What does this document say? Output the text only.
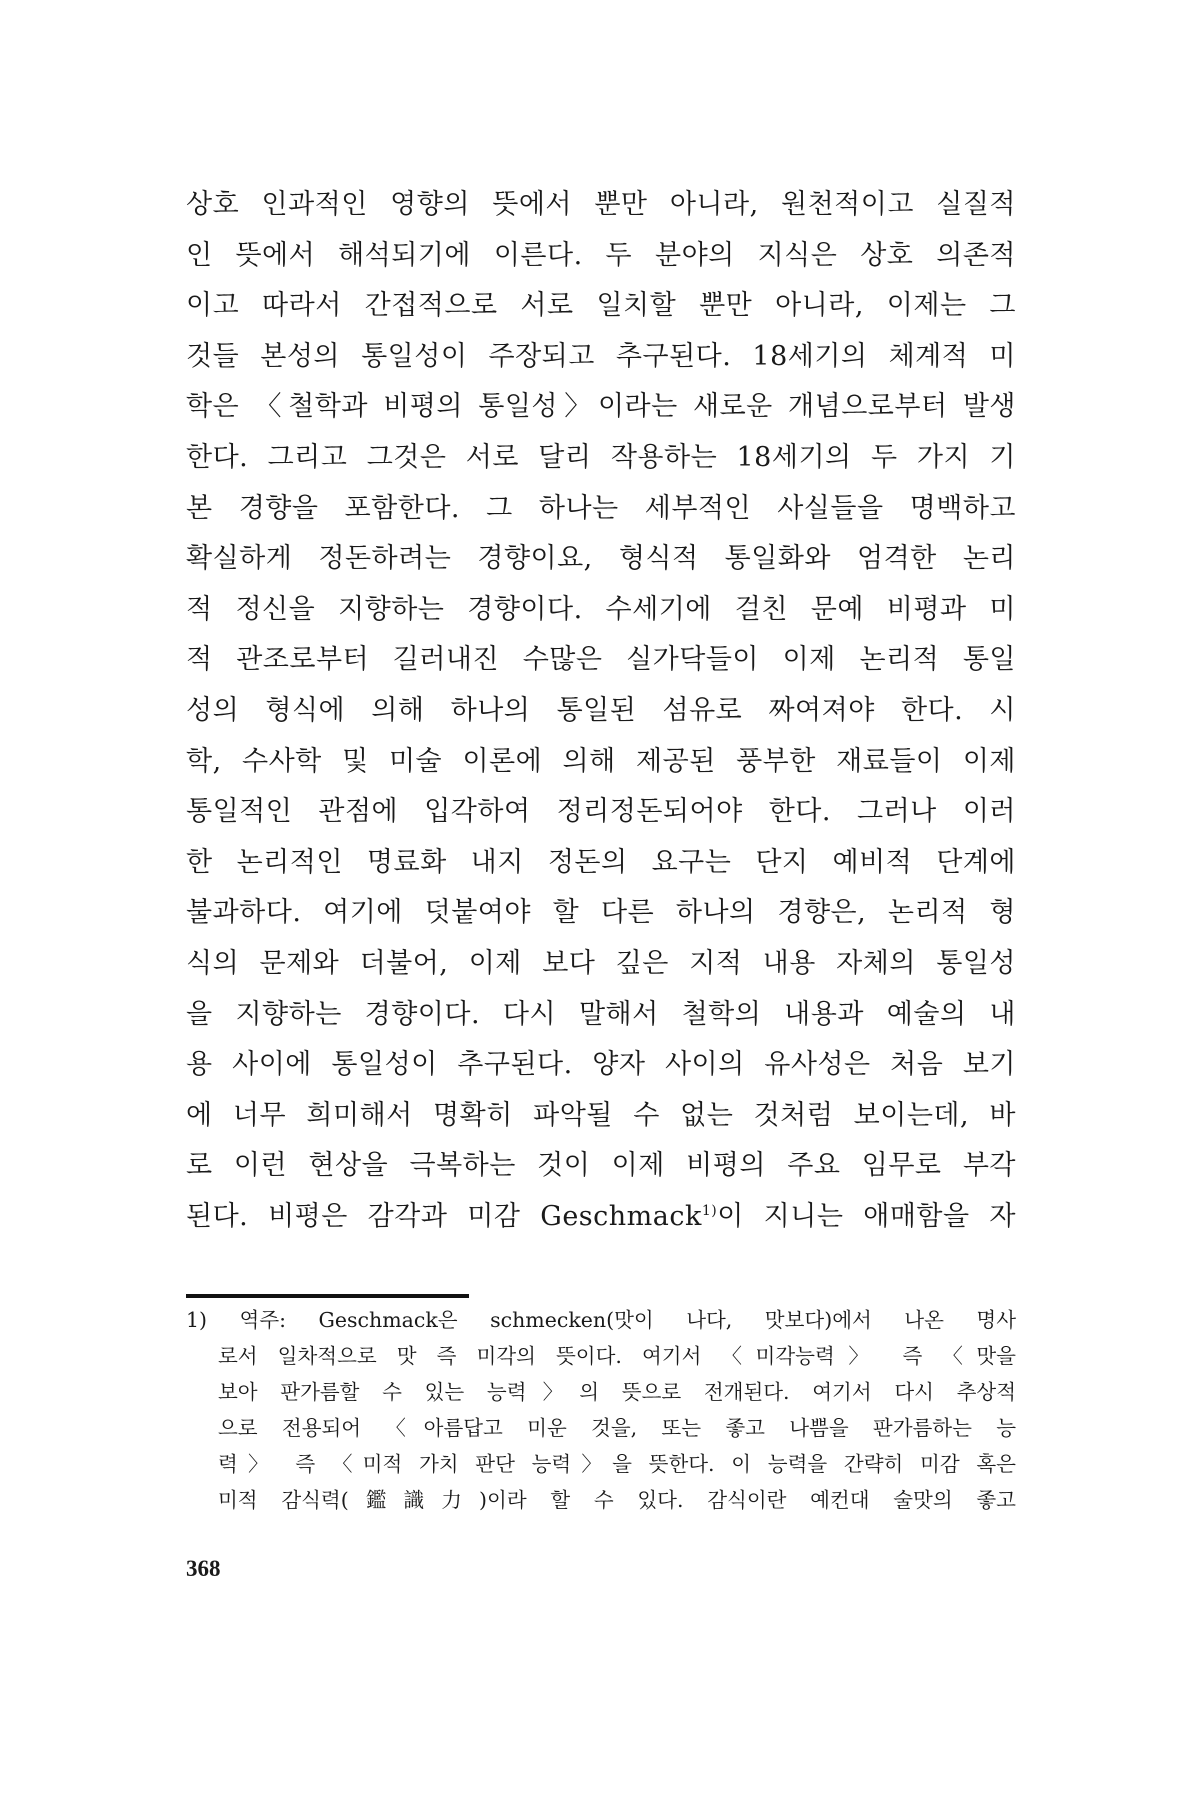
상호 인과적인 영향의 뜻에서 뿐만 아니라, 원천적이고 실질적
인 뜻에서 해석되기에 이른다. 두 분야의 지식은 상호 의존적
이고 따라서 간접적으로 서로 일치할 뿐만 아니라, 이제는 그
것들 본성의 통일성이 주장되고 추구된다. 18세기의 체계적 미
학은 〈철학과 비평의 통일성〉이라는 새로운 개념으로부터 발생
한다. 그리고 그것은 서로 달리 작용하는 18세기의 두 가지 기
본 경향을 포함한다. 그 하나는 세부적인 사실들을 명백하고
확실하게 정돈하려는 경향이요, 형식적 통일화와 엄격한 논리
적 정신을 지향하는 경향이다. 수세기에 걸친 문예 비평과 미
적 관조로부터 길러내진 수많은 실가닥들이 이제 논리적 통일
성의 형식에 의해 하나의 통일된 섬유로 짜여져야 한다. 시
학, 수사학 및 미술 이론에 의해 제공된 풍부한 재료들이 이제
통일적인 관점에 입각하여 정리정돈되어야 한다. 그러나 이러
한 논리적인 명료화 내지 정돈의 요구는 단지 예비적 단계에
불과하다. 여기에 덧붙여야 할 다른 하나의 경향은, 논리적 형
식의 문제와 더불어, 이제 보다 깊은 지적 내용 자체의 통일성
을 지향하는 경향이다. 다시 말해서 철학의 내용과 예술의 내
용 사이에 통일성이 추구된다. 양자 사이의 유사성은 처음 보기
에 너무 희미해서 명확히 파악될 수 없는 것처럼 보이는데, 바
로 이런 현상을 극복하는 것이 이제 비평의 주요 임무로 부각
된다. 비평은 감각과 미감 Geschmack$^{1)}$이 지니는 애매함을 자
1) 역주: Geschmack은 schmecken(맛이 나다, 맛보다)에서 나온 명사
로서 일차적으로 맛 즉 미각의 뜻이다. 여기서 〈미각능력〉 즉 〈맛을
보아 판가름할 수 있는 능력〉의 뜻으로 전개된다. 여기서 다시 추상적
으로 전용되어 〈아름답고 미운 것을, 또는 좋고 나쁨을 판가름하는 능
력〉 즉 〈미적 가치 판단 능력〉을 뜻한다. 이 능력을 간략히 미감 혹은
미적 감식력(鑑識力)이라 할 수 있다. 감식이란 예컨대 술맛의 좋고
368
